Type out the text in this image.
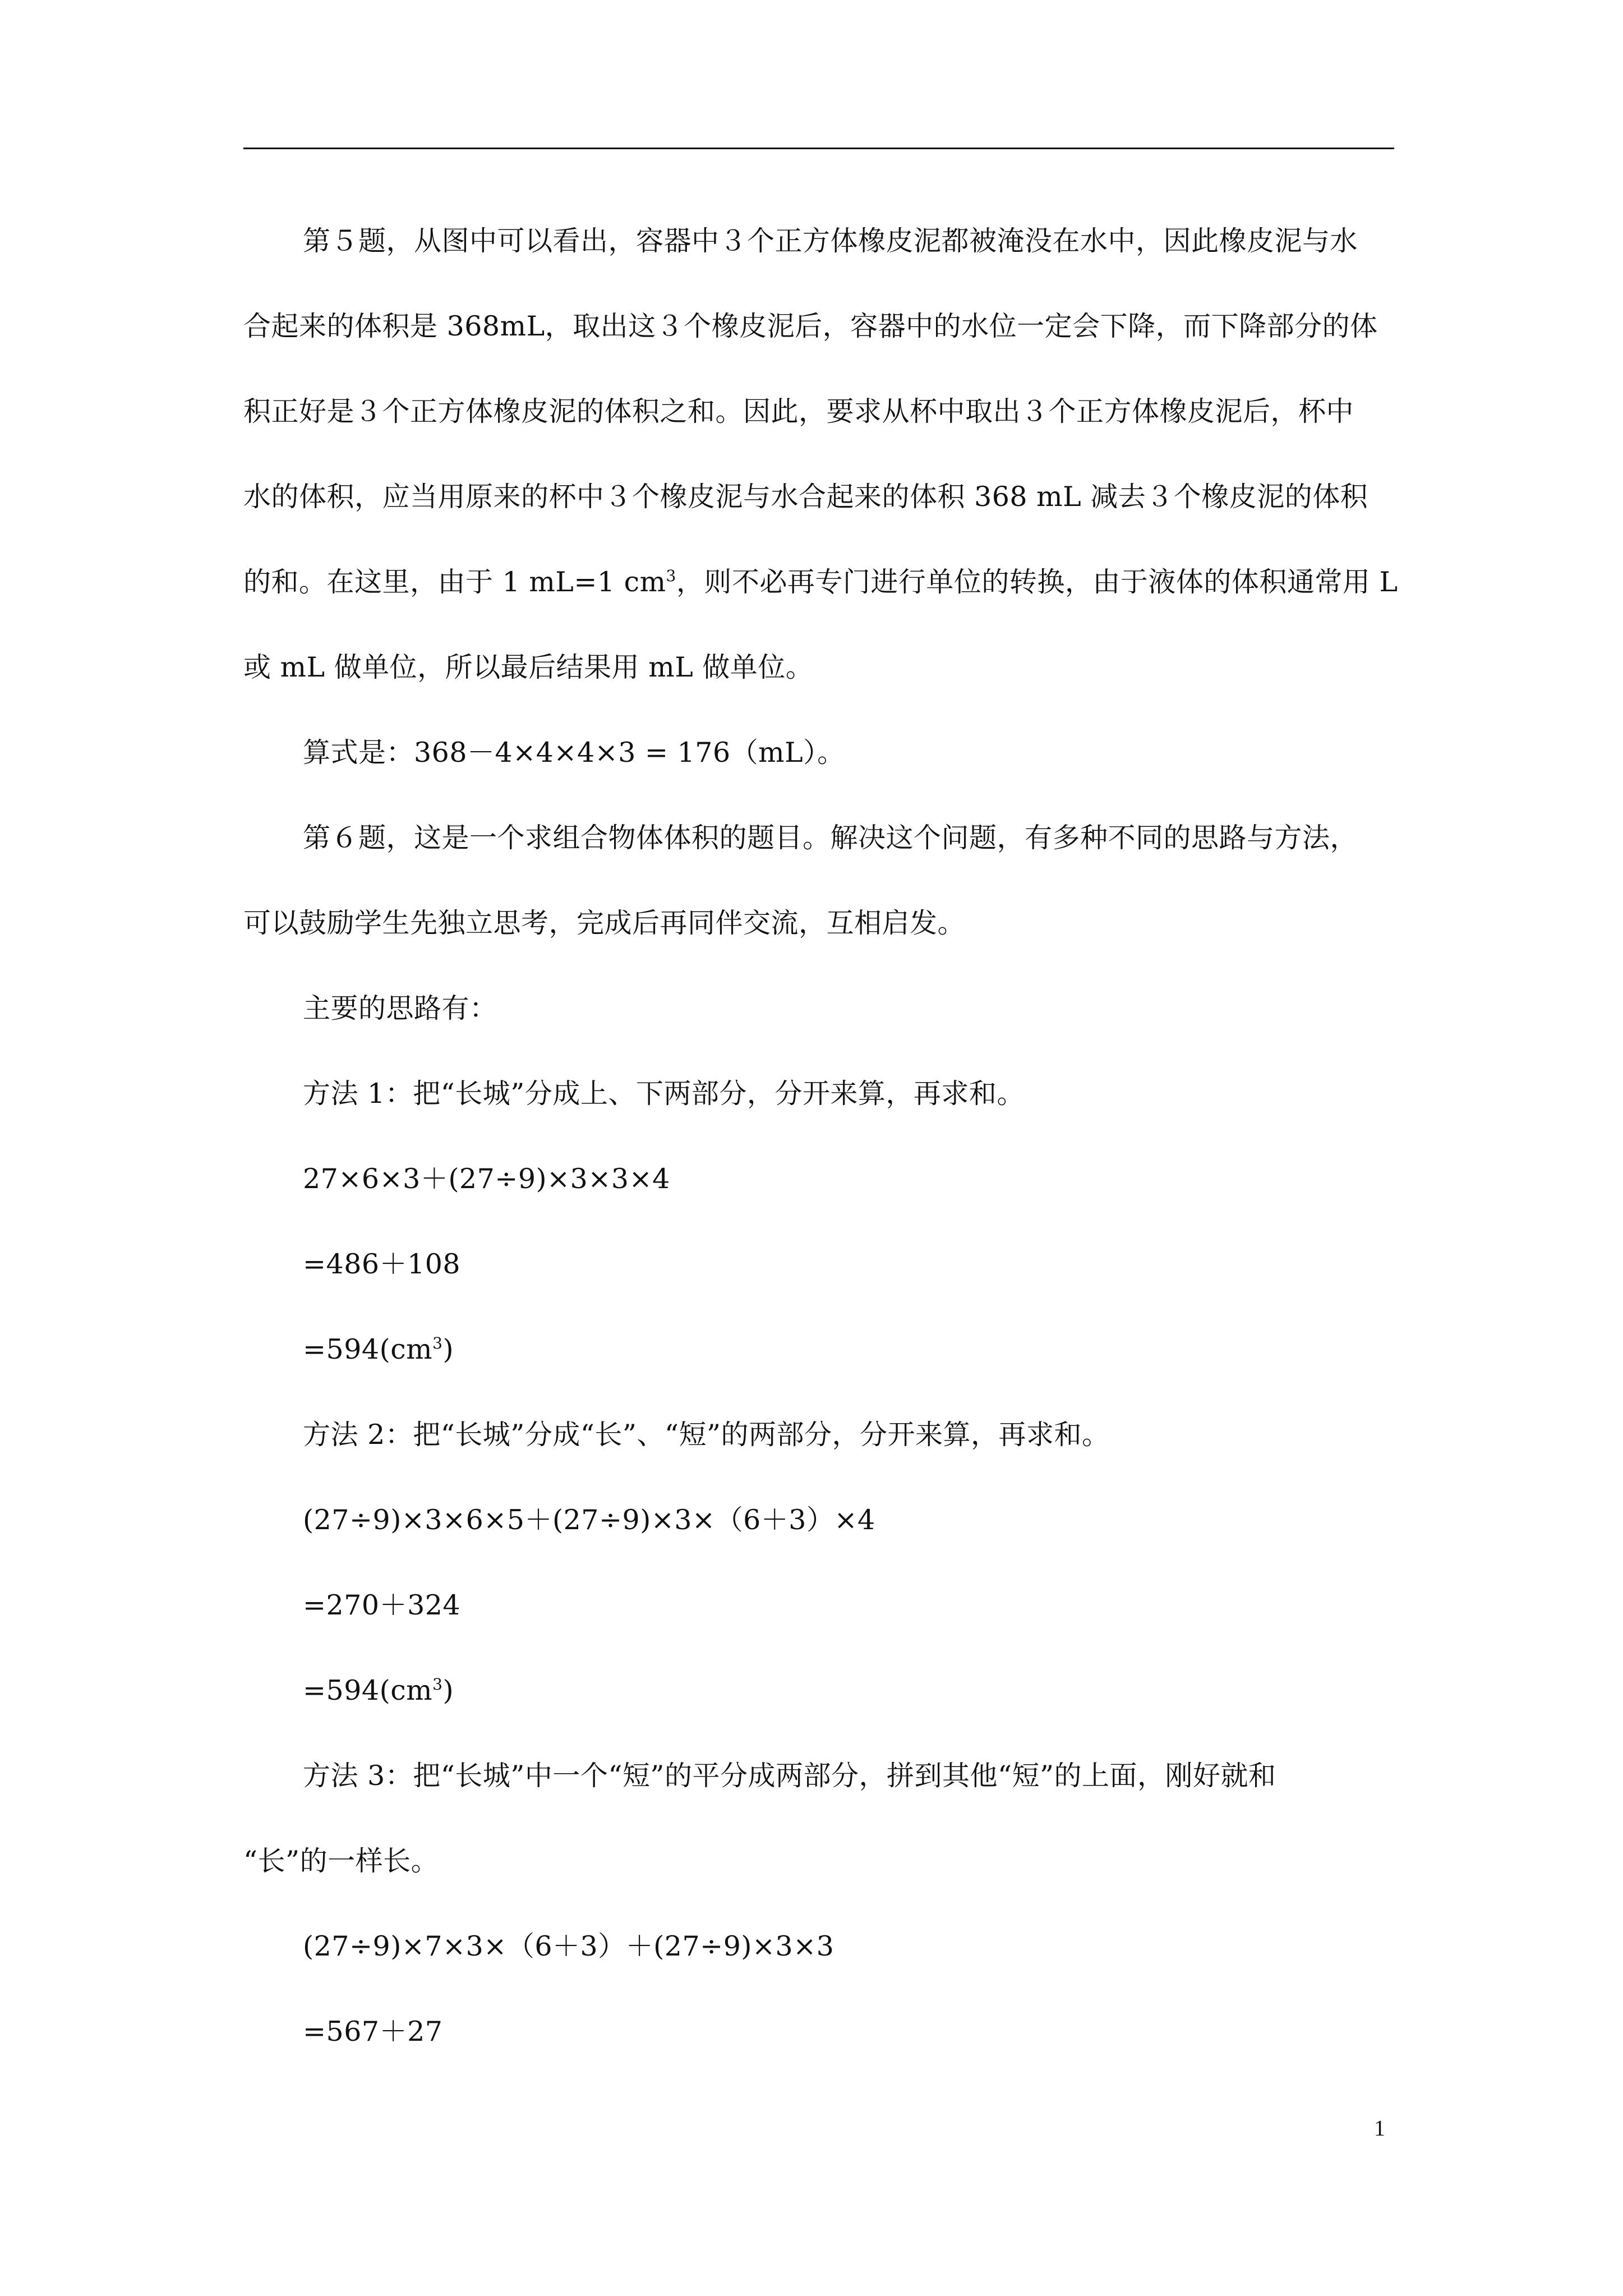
第５题，从图中可以看出，容器中３个正方体橡皮泥都被淹没在水中，因此橡皮泥与水
合起来的体积是 368mL，取出这３个橡皮泥后，容器中的水位一定会下降，而下降部分的体
积正好是３个正方体橡皮泥的体积之和。因此，要求从杯中取出３个正方体橡皮泥后，杯中
水的体积，应当用原来的杯中３个橡皮泥与水合起来的体积 368 mL 减去３个橡皮泥的体积
的和。在这里，由于 1 mL=1 $cm^3$，则不必再专门进行单位的转换，由于液体的体积通常用 L
或 mL 做单位，所以最后结果用 mL 做单位。
算式是：368－4×4×4×3 = 176（mL）。
第６题，这是一个求组合物体体积的题目。解决这个问题，有多种不同的思路与方法，
可以鼓励学生先独立思考，完成后再同伴交流，互相启发。
主要的思路有：
方法 1：把“长城”分成上、下两部分，分开来算，再求和。
27×6×3＋(27÷9)×3×3×4
=486＋108
$=594(cm^3)$
方法 2：把“长城”分成“长”、“短”的两部分，分开来算，再求和。
(27÷9)×3×6×5＋(27÷9)×3×（6＋3）×4
=270＋324
$=594(cm^3)$
方法 3：把“长城”中一个“短”的平分成两部分，拼到其他“短”的上面，刚好就和
“长”的一样长。
(27÷9)×7×3×（6＋3）＋(27÷9)×3×3
=567＋27
1
